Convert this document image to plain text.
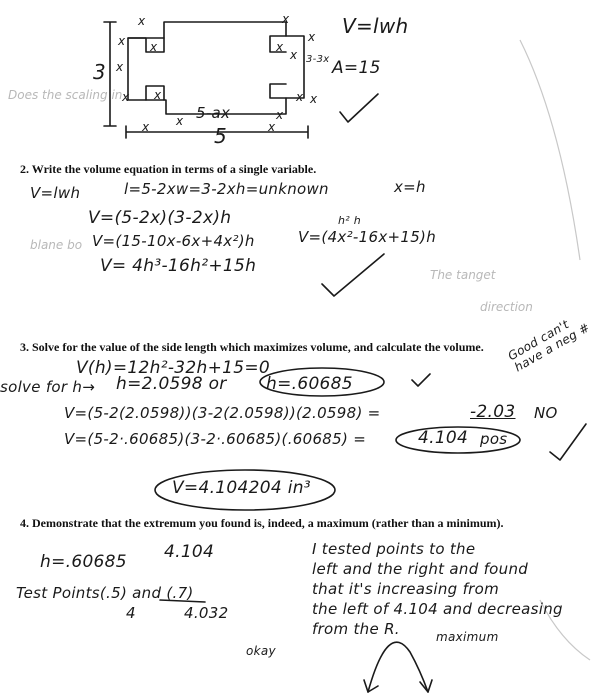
Does the scaling in
blane bo
The tanget
direction
V=lwh
A=15
3
5
5-ax
3-3x
x
x x
x
x
x
x
x x
x
x x
x x
x
x
2. Write the volume equation in terms of a single variable.
V=lwh	l=5-2xw=3-2xh=unknown	x=h
V=(5-2x)(3-2x)h
V=(15-10x-6x+4x²)h	V=(4x²-16x+15)h
h² h
V= 4h³-16h²+15h
3. Solve for the value of the side length which maximizes volume, and calculate the volume.
V(h)=12h²-32h+15=0
solve for h→ h=2.0598 or h=.60685
Good can't have a neg #
V=(5-2(2.0598))(3-2(2.0598))(2.0598) =	-2.03 NO
V=(5-2·.60685)(3-2·.60685)(.60685) =	4.104 pos
V=4.104204 in³
4. Demonstrate that the extremum you found is, indeed, a maximum (rather than a minimum).
h=.60685 4.104
Test Points(.5) and (.7)
4	4.032
I tested points to the
left and the right and found
that it's increasing from
the left of 4.104 and decreasing
from the R.	maximum
okay
